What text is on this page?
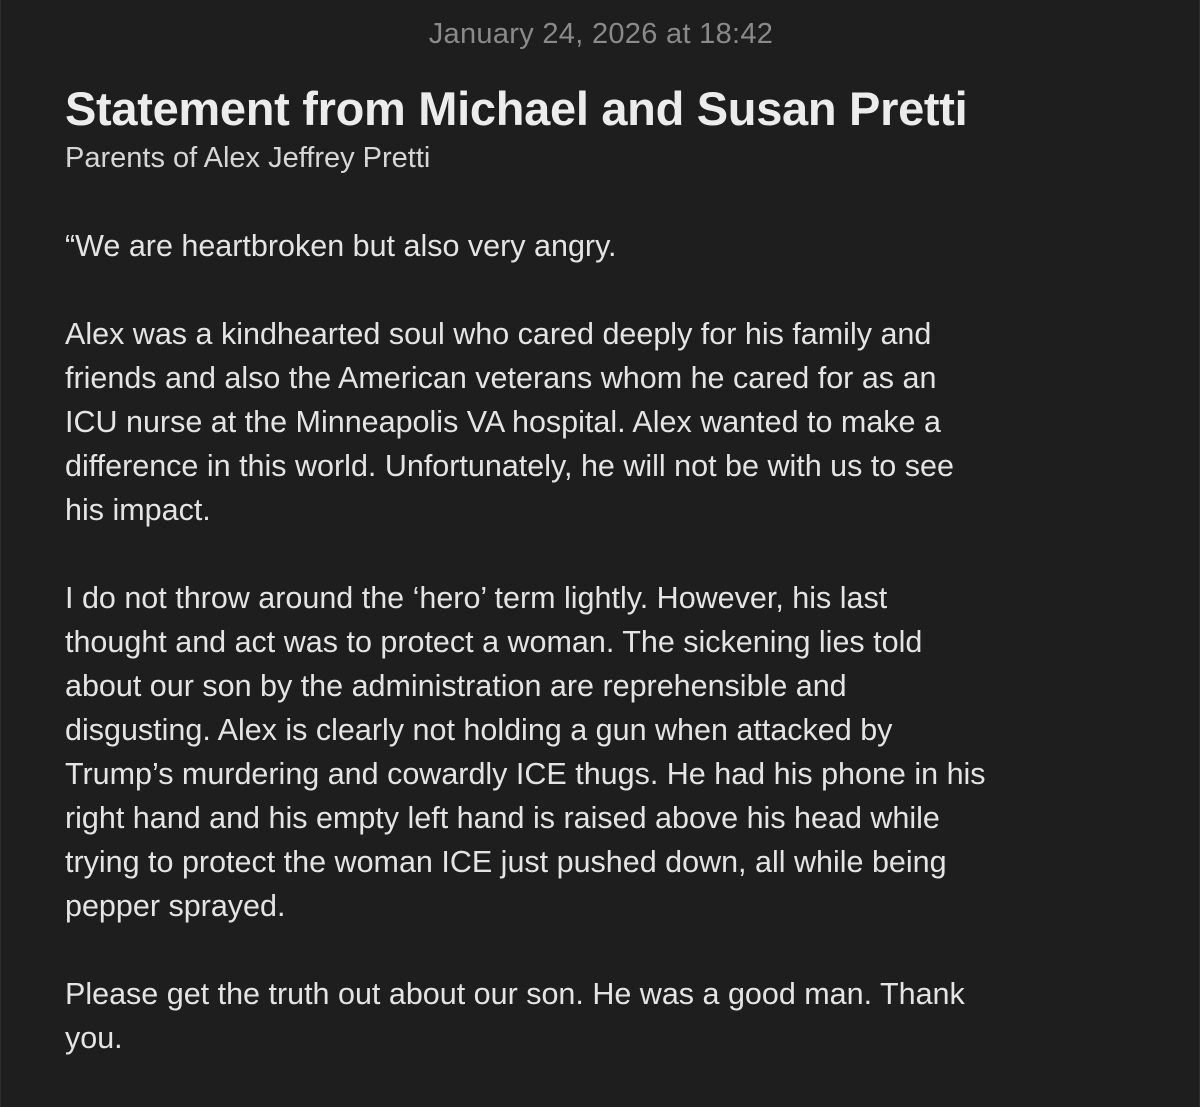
January 24, 2026 at 18:42
Statement from Michael and Susan Pretti

Parents of Alex Jeffrey Pretti

“We are heartbroken but also very angry.

Alex was a kindhearted soul who cared deeply for his family and
friends and also the American veterans whom he cared for as an
ICU nurse at the Minneapolis VA hospital. Alex wanted to make a
difference in this world. Unfortunately, he will not be with us to see
his impact.

I do not throw around the ‘hero’ term lightly. However, his last
thought and act was to protect a woman. The sickening lies told
about our son by the administration are reprehensible and
disgusting. Alex is clearly not holding a gun when attacked by
Trump’s murdering and cowardly ICE thugs. He had his phone in his
right hand and his empty left hand is raised above his head while
trying to protect the woman ICE just pushed down, all while being
pepper sprayed.

Please get the truth out about our son. He was a good man. Thank
you.
